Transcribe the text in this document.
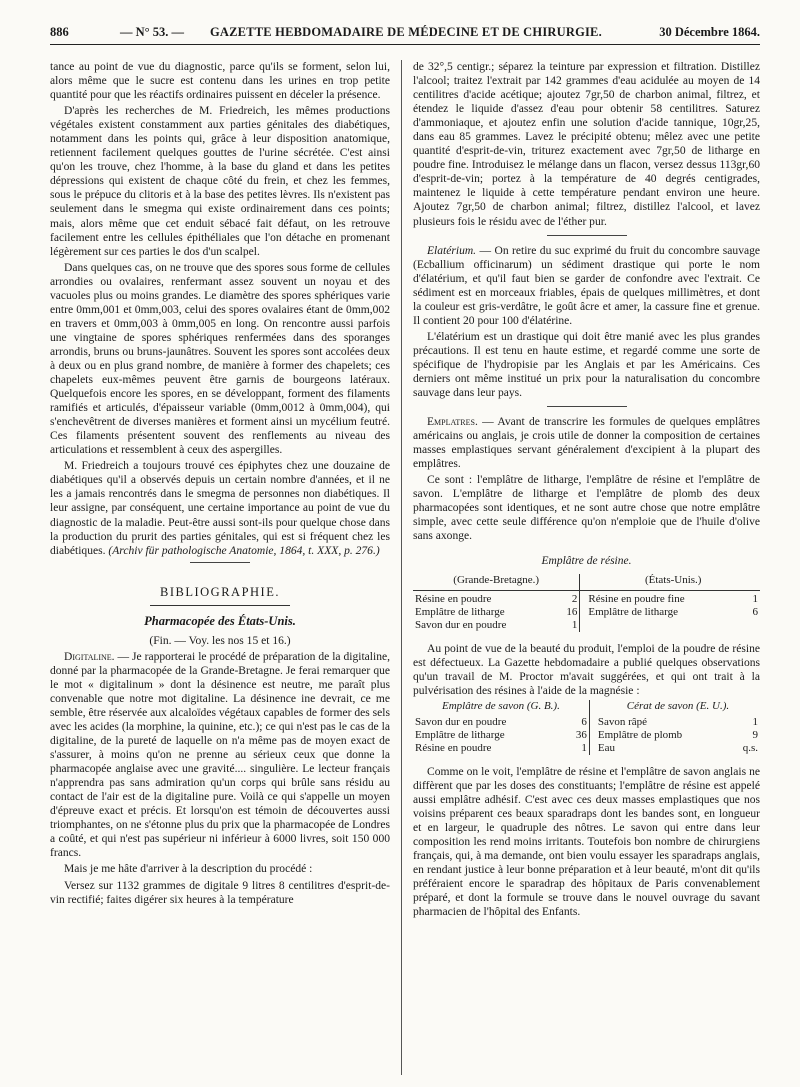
886	— N° 53. — GAZETTE HEBDOMADAIRE DE MÉDECINE ET DE CHIRURGIE.	30 Décembre 1864.

tance au point de vue du diagnostic, parce qu'ils se forment, selon lui, alors même que le sucre est contenu dans les urines en trop petite quantité pour que les réactifs ordinaires puissent en déceler la présence.

D'après les recherches de M. Friedreich, les mêmes productions végétales existent constamment aux parties génitales des diabétiques, notamment dans les points qui, grâce à leur disposition anatomique, retiennent facilement quelques gouttes de l'urine sécrétée. C'est ainsi qu'on les trouve, chez l'homme, à la base du gland et dans les petites dépressions qui existent de chaque côté du frein, et chez les femmes, sous le prépuce du clitoris et à la base des petites lèvres. Ils n'existent pas seulement dans le smegma qui existe ordinairement dans ces points; mais, alors même que cet enduit sébacé fait défaut, on les retrouve facilement entre les cellules épithéliales que l'on détache en promenant légèrement sur ces parties le dos d'un scalpel.

Dans quelques cas, on ne trouve que des spores sous forme de cellules arrondies ou ovalaires, renfermant assez souvent un noyau et des vacuoles plus ou moins grandes. Le diamètre des spores sphériques varie entre 0mm,001 et 0mm,003, celui des spores ovalaires étant de 0mm,002 en travers et 0mm,003 à 0mm,005 en long. On rencontre aussi parfois une vingtaine de spores sphériques renfermées dans des sporanges arrondis, bruns ou bruns-jaunâtres. Souvent les spores sont accolées deux à deux ou en plus grand nombre, de manière à former des chapelets; ces chapelets eux-mêmes peuvent être garnis de bourgeons latéraux. Quelquefois encore les spores, en se développant, forment des filaments ramifiés et articulés, d'épaisseur variable (0mm,0012 à 0mm,004), qui s'enchevêtrent de diverses manières et forment ainsi un mycélium feutré. Ces filaments présentent souvent des renflements au niveau des articulations et ressemblent à ceux des aspergilles.

M. Friedreich a toujours trouvé ces épiphytes chez une douzaine de diabétiques qu'il a observés depuis un certain nombre d'années, et il ne les a jamais rencontrés dans le smegma de personnes non diabétiques. Il leur assigne, par conséquent, une certaine importance au point de vue du diagnostic de la maladie. Peut-être aussi sont-ils pour quelque chose dans la production du prurit des parties génitales, qui est si fréquent chez les diabétiques. (Archiv für pathologische Anatomie, 1864, t. XXX, p. 276.)

BIBLIOGRAPHIE.
Pharmacopée des États-Unis.

(Fin. — Voy. les nos 15 et 16.)

Digitaline. — Je rapporterai le procédé de préparation de la digitaline, donné par la pharmacopée de la Grande-Bretagne. Je ferai remarquer que le mot « digitalinum » dont la désinence est neutre, me paraît plus convenable que notre mot digitaline. La désinence ine devrait, ce me semble, être réservée aux alcaloïdes végétaux capables de former des sels avec les acides (la morphine, la quinine, etc.); ce qui n'est pas le cas de la digitaline, de la pureté de laquelle on n'a même pas de moyen exact de s'assurer, à moins qu'on ne prenne au sérieux ceux que donne la pharmacopée anglaise avec une gravité.... singulière. Le lecteur français n'apprendra pas sans admiration qu'un corps qui brûle sans résidu au contact de l'air est de la digitaline pure. Voilà ce qui s'appelle un moyen d'épreuve exact et précis. Et lorsqu'on est témoin de découvertes aussi triomphantes, on ne s'étonne plus du prix que la pharmacopée de Londres a coûté, et qui n'est pas supérieur ni inférieur à 6000 livres, soit 150 000 francs.

Mais je me hâte d'arriver à la description du procédé :

Versez sur 1132 grammes de digitale 9 litres 8 centilitres d'esprit-de-vin rectifié; faites digérer six heures à la température

de 32°,5 centigr.; séparez la teinture par expression et filtration. Distillez l'alcool; traitez l'extrait par 142 grammes d'eau acidulée au moyen de 14 centilitres d'acide acétique; ajoutez 7gr,50 de charbon animal, filtrez, et étendez le liquide d'assez d'eau pour obtenir 58 centilitres. Saturez d'ammoniaque, et ajoutez enfin une solution d'acide tannique, 10gr,25, dans eau 85 grammes. Lavez le précipité obtenu; mêlez avec une petite quantité d'esprit-de-vin, triturez exactement avec 7gr,50 de litharge en poudre fine. Introduisez le mélange dans un flacon, versez dessus 113gr,60 d'esprit-de-vin; portez à la température de 40 degrés centigrades, maintenez le liquide à cette température pendant environ une heure. Ajoutez 7gr,50 de charbon animal; filtrez, distillez l'alcool, et lavez plusieurs fois le résidu avec de l'éther pur.

Elatérium. — On retire du suc exprimé du fruit du concombre sauvage (Ecballium officinarum) un sédiment drastique qui porte le nom d'élatérium, et qu'il faut bien se garder de confondre avec l'extrait. Ce sédiment est en morceaux friables, épais de quelques millimètres, et dont la couleur est gris-verdâtre, le goût âcre et amer, la cassure fine et grenue. Il contient 20 pour 100 d'élatérine.

L'élatérium est un drastique qui doit être manié avec les plus grandes précautions. Il est tenu en haute estime, et regardé comme une sorte de spécifique de l'hydropisie par les Anglais et par les Américains. Ces derniers ont même institué un prix pour la naturalisation du concombre sauvage dans leur pays.

Emplatres. — Avant de transcrire les formules de quelques emplâtres américains ou anglais, je crois utile de donner la composition de certaines masses emplastiques servant généralement d'excipient à la plupart des emplâtres.

Ce sont : l'emplâtre de litharge, l'emplâtre de résine et l'emplâtre de savon. L'emplâtre de litharge et l'emplâtre de plomb des deux pharmacopées sont identiques, et ne sont autre chose que notre emplâtre simple, avec cette seule différence qu'on n'emploie que de l'huile d'olive sans axonge.

Emplâtre de résine.
(Grande-Bretagne.)			(États-Unis.)	
Résine en poudre	2		Résine en poudre fine	1
Emplâtre de litharge	16		Emplâtre de litharge	6
Savon dur en poudre	1			

Au point de vue de la beauté du produit, l'emploi de la poudre de résine est défectueux. La Gazette hebdomadaire a publié quelques observations qu'un travail de M. Proctor m'avait suggérées, et qui ont trait à la pulvérisation des résines à l'aide de la magnésie :

Emplâtre de savon (G. B.).			Cérat de savon (E. U.).	
Savon dur en poudre	6		Savon râpé	1
Emplâtre de litharge	36		Emplâtre de plomb	9
Résine en poudre	1		Eau	q.s.

Comme on le voit, l'emplâtre de résine et l'emplâtre de savon anglais ne diffèrent que par les doses des constituants; l'emplâtre de résine est appelé aussi emplâtre adhésif. C'est avec ces deux masses emplastiques que nos voisins préparent ces beaux sparadraps dont les bandes sont, en longueur et en largeur, le quadruple des nôtres. Le savon qui entre dans leur composition les rend moins irritants. Toutefois bon nombre de chirurgiens français, qui, à ma demande, ont bien voulu essayer les sparadraps anglais, en rendant justice à leur bonne préparation et à leur beauté, m'ont dit qu'ils préféraient encore le sparadrap des hôpitaux de Paris convenablement préparé, et dont la formule se trouve dans le nouvel ouvrage du savant pharmacien de l'hôpital des Enfants.
